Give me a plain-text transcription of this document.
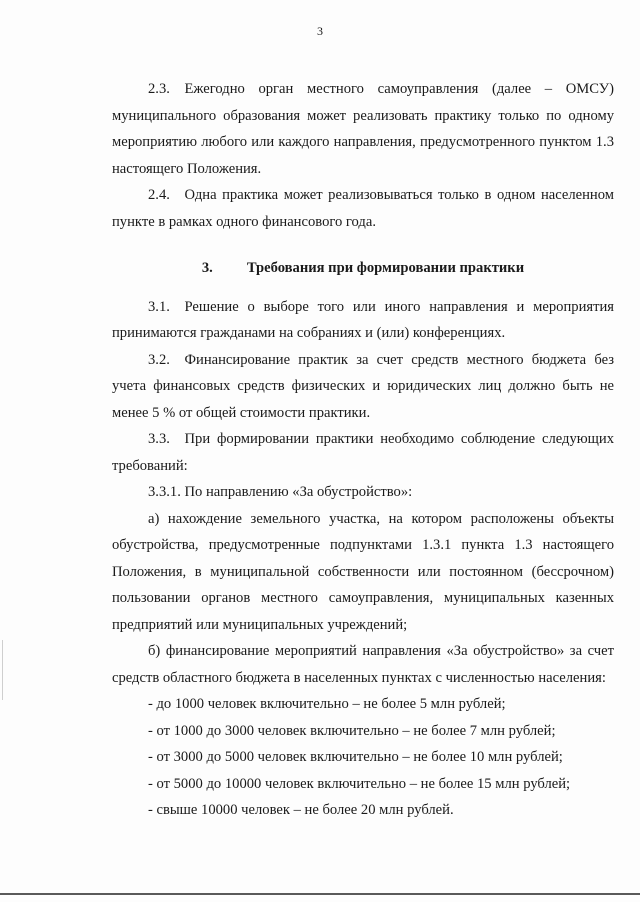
3

2.3. Ежегодно орган местного самоуправления (далее – ОМСУ) муниципального образования может реализовать практику только по одному мероприятию любого или каждого направления, предусмотренного пунктом 1.3 настоящего Положения.

2.4. Одна практика может реализовываться только в одном населенном пункте в рамках одного финансового года.

3. Требования при формировании практики

3.1. Решение о выборе того или иного направления и мероприятия принимаются гражданами на собраниях и (или) конференциях.

3.2. Финансирование практик за счет средств местного бюджета без учета финансовых средств физических и юридических лиц должно быть не менее 5 % от общей стоимости практики.

3.3. При формировании практики необходимо соблюдение следующих требований:

3.3.1. По направлению «За обустройство»:

а) нахождение земельного участка, на котором расположены объекты обустройства, предусмотренные подпунктами 1.3.1 пункта 1.3 настоящего Положения, в муниципальной собственности или постоянном (бессрочном) пользовании органов местного самоуправления, муниципальных казенных предприятий или муниципальных учреждений;

б) финансирование мероприятий направления «За обустройство» за счет средств областного бюджета в населенных пунктах с численностью населения:

- до 1000 человек включительно – не более 5 млн рублей;

- от 1000 до 3000 человек включительно – не более 7 млн рублей;

- от 3000 до 5000 человек включительно – не более 10 млн рублей;

- от 5000 до 10000 человек включительно – не более 15 млн рублей;

- свыше 10000 человек – не более 20 млн рублей.
